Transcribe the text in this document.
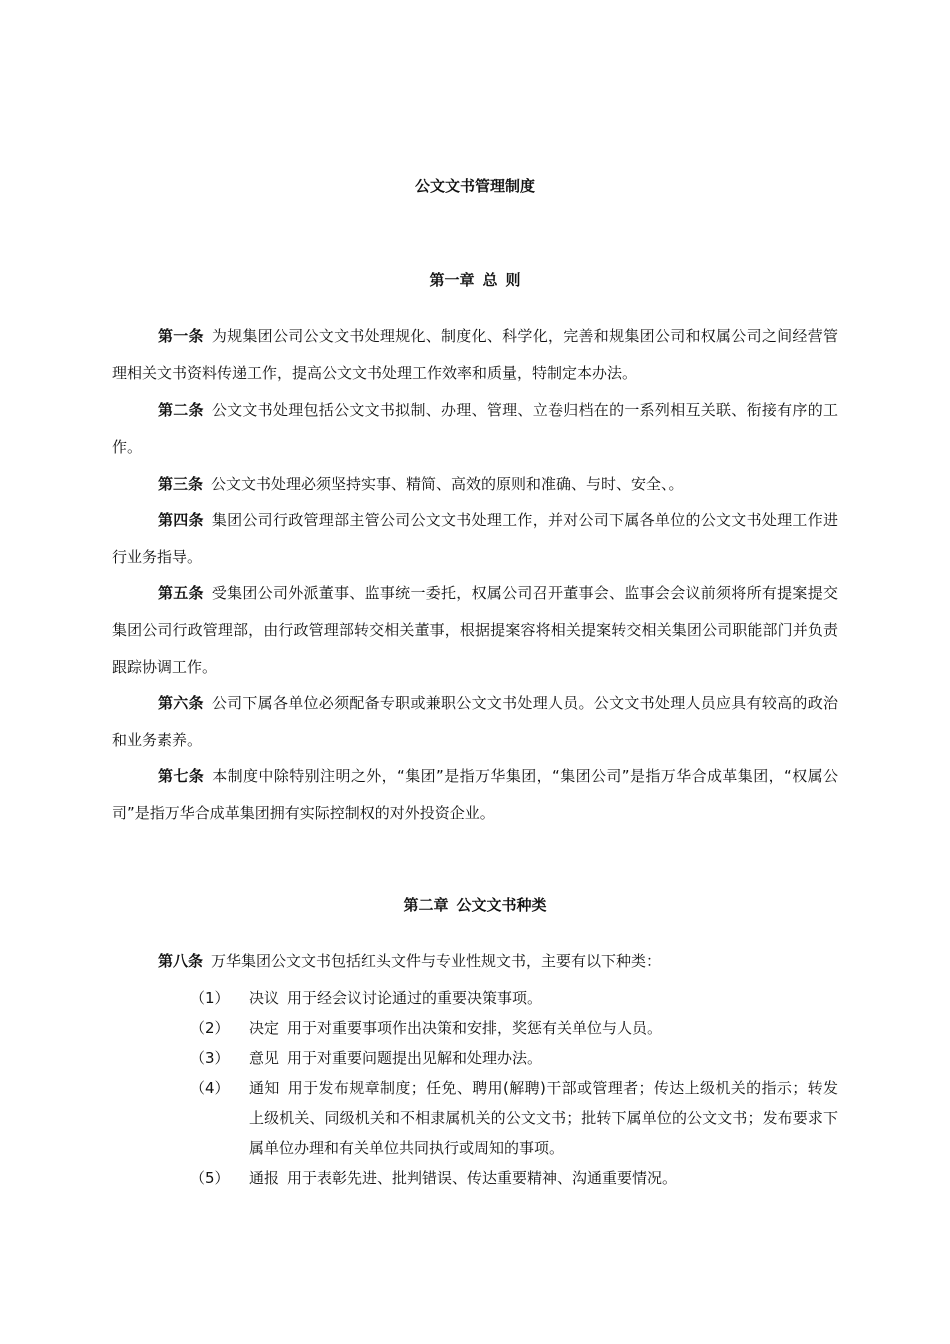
公文文书管理制度
第一章 总 则

第一条 为规集团公司公文文书处理规化、制度化、科学化，完善和规集团公司和权属公司之间经营管理相关文书资料传递工作，提高公文文书处理工作效率和质量，特制定本办法。

第二条 公文文书处理包括公文文书拟制、办理、管理、立卷归档在的一系列相互关联、衔接有序的工作。

第三条 公文文书处理必须坚持实事、精简、高效的原则和准确、与时、安全、。

第四条 集团公司行政管理部主管公司公文文书处理工作，并对公司下属各单位的公文文书处理工作进行业务指导。

第五条 受集团公司外派董事、监事统一委托，权属公司召开董事会、监事会会议前须将所有提案提交集团公司行政管理部，由行政管理部转交相关董事，根据提案容将相关提案转交相关集团公司职能部门并负责跟踪协调工作。

第六条 公司下属各单位必须配备专职或兼职公文文书处理人员。公文文书处理人员应具有较高的政治和业务素养。

第七条 本制度中除特别注明之外，“集团”是指万华集团，“集团公司”是指万华合成革集团，“权属公司”是指万华合成革集团拥有实际控制权的对外投资企业。

第二章 公文文书种类

第八条 万华集团公文文书包括红头文件与专业性规文书，主要有以下种类：

（1） 决议 用于经会议讨论通过的重要决策事项。
（2） 决定 用于对重要事项作出决策和安排，奖惩有关单位与人员。
（3） 意见 用于对重要问题提出见解和处理办法。
（4） 通知 用于发布规章制度；任免、聘用(解聘)干部或管理者；传达上级机关的指示；转发上级机关、同级机关和不相隶属机关的公文文书；批转下属单位的公文文书；发布要求下属单位办理和有关单位共同执行或周知的事项。
（5） 通报 用于表彰先进、批判错误、传达重要精神、沟通重要情况。
